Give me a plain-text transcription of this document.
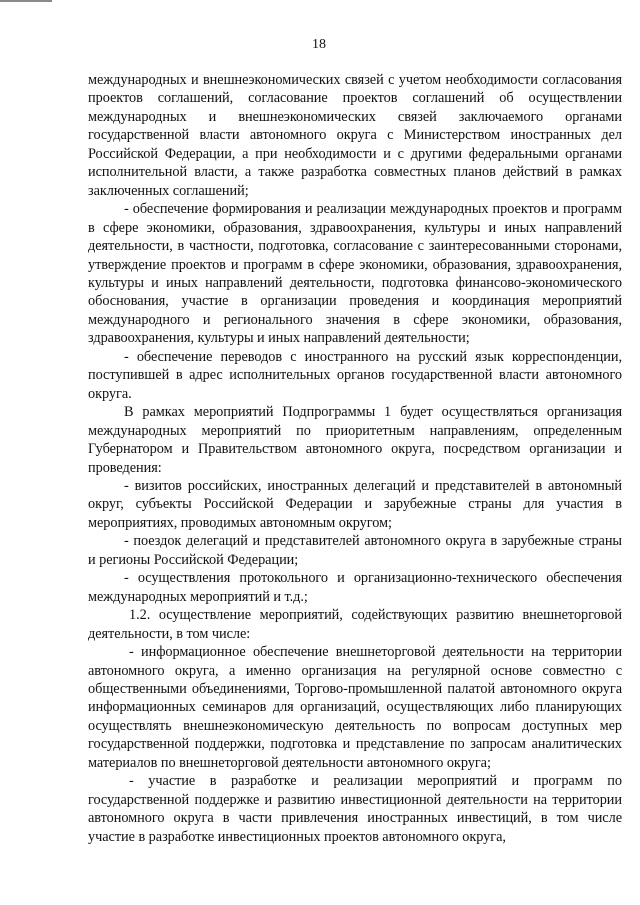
18

международных и внешнеэкономических связей с учетом необходимости согласования проектов соглашений, согласование проектов соглашений об осуществлении международных и внешнеэкономических связей заключаемого органами государственной власти автономного округа с Министерством иностранных дел Российской Федерации, а при необходимости и с другими федеральными органами исполнительной власти, а также разработка совместных планов действий в рамках заключенных соглашений;

- обеспечение формирования и реализации международных проектов и программ в сфере экономики, образования, здравоохранения, культуры и иных направлений деятельности, в частности, подготовка, согласование с заинтересованными сторонами, утверждение проектов и программ в сфере экономики, образования, здравоохранения, культуры и иных направлений деятельности, подготовка финансово-экономического обоснования, участие в организации проведения и координация мероприятий международного и регионального значения в сфере экономики, образования, здравоохранения, культуры и иных направлений деятельности;

- обеспечение переводов с иностранного на русский язык корреспонденции, поступившей в адрес исполнительных органов государственной власти автономного округа.

В рамках мероприятий Подпрограммы 1 будет осуществляться организация международных мероприятий по приоритетным направлениям, определенным Губернатором и Правительством автономного округа, посредством организации и проведения:

- визитов российских, иностранных делегаций и представителей в автономный округ, субъекты Российской Федерации и зарубежные страны для участия в мероприятиях, проводимых автономным округом;

- поездок делегаций и представителей автономного округа в зарубежные страны и регионы Российской Федерации;

- осуществления протокольного и организационно-технического обеспечения международных мероприятий и т.д.;

1.2. осуществление мероприятий, содействующих развитию внешнеторговой деятельности, в том числе:

- информационное обеспечение внешнеторговой деятельности на территории автономного округа, а именно организация на регулярной основе совместно с общественными объединениями, Торгово-промышленной палатой автономного округа информационных семинаров для организаций, осуществляющих либо планирующих осуществлять внешнеэкономическую деятельность по вопросам доступных мер государственной поддержки, подготовка и представление по запросам аналитических материалов по внешнеторговой деятельности автономного округа;

- участие в разработке и реализации мероприятий и программ по государственной поддержке и развитию инвестиционной деятельности на территории автономного округа в части привлечения иностранных инвестиций, в том числе участие в разработке инвестиционных проектов автономного округа,
